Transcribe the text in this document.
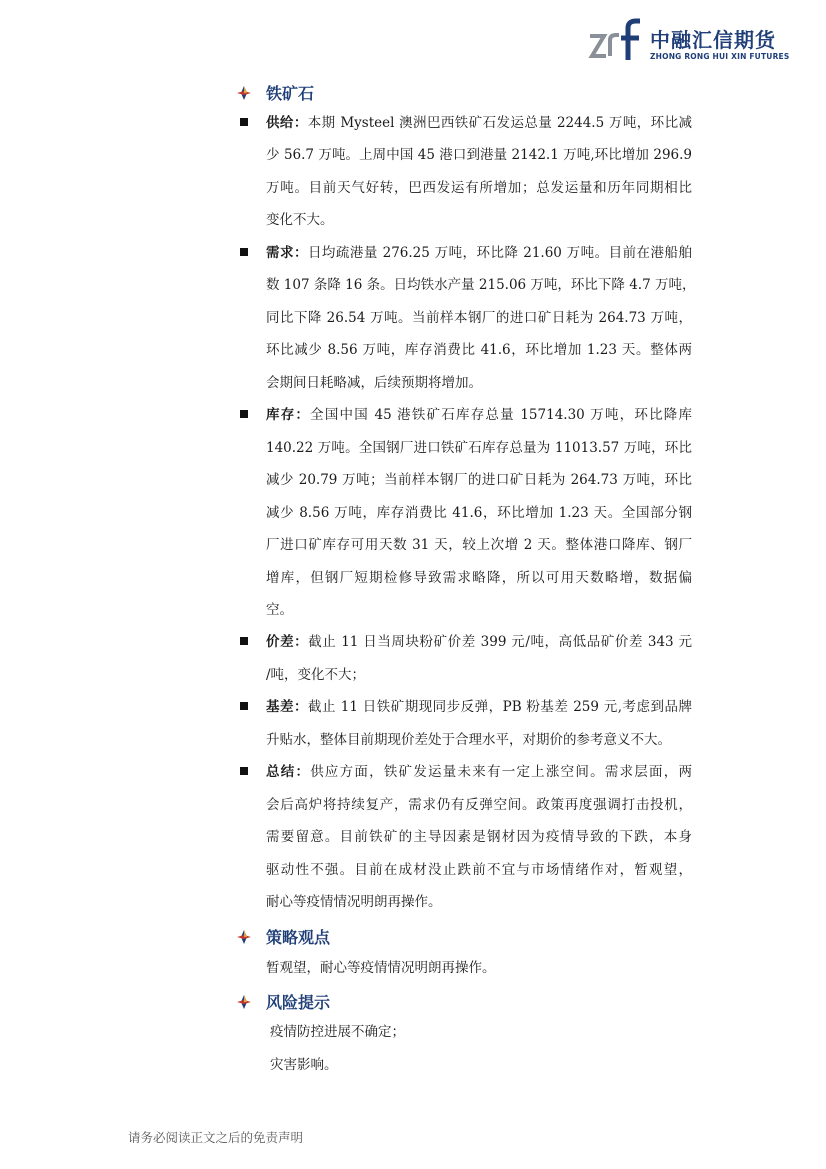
中融汇信期货
ZHONG RONG HUI XIN FUTURES
铁矿石
供给：本期 Mysteel 澳洲巴西铁矿石发运总量 2244.5 万吨，环比减
少 56.7 万吨。上周中国 45 港口到港量 2142.1 万吨,环比增加 296.9
万吨。目前天气好转，巴西发运有所增加；总发运量和历年同期相比
变化不大。
需求：日均疏港量 276.25 万吨，环比降 21.60 万吨。目前在港船舶
数 107 条降 16 条。日均铁水产量 215.06 万吨，环比下降 4.7 万吨，
同比下降 26.54 万吨。当前样本钢厂的进口矿日耗为 264.73 万吨，
环比减少 8.56 万吨，库存消费比 41.6，环比增加 1.23 天。整体两
会期间日耗略减，后续预期将增加。
库存：全国中国 45 港铁矿石库存总量 15714.30 万吨，环比降库
140.22 万吨。全国钢厂进口铁矿石库存总量为 11013.57 万吨，环比
减少 20.79 万吨；当前样本钢厂的进口矿日耗为 264.73 万吨，环比
减少 8.56 万吨，库存消费比 41.6，环比增加 1.23 天。全国部分钢
厂进口矿库存可用天数 31 天，较上次增 2 天。整体港口降库、钢厂
增库，但钢厂短期检修导致需求略降，所以可用天数略增，数据偏
空。
价差：截止 11 日当周块粉矿价差 399 元/吨，高低品矿价差 343 元
/吨，变化不大；
基差：截止 11 日铁矿期现同步反弹，PB 粉基差 259 元,考虑到品牌
升贴水，整体目前期现价差处于合理水平，对期价的参考意义不大。
总结：供应方面，铁矿发运量未来有一定上涨空间。需求层面，两
会后高炉将持续复产，需求仍有反弹空间。政策再度强调打击投机，
需要留意。目前铁矿的主导因素是钢材因为疫情导致的下跌，本身
驱动性不强。目前在成材没止跌前不宜与市场情绪作对，暂观望，
耐心等疫情情况明朗再操作。
策略观点
暂观望，耐心等疫情情况明朗再操作。
风险提示
疫情防控进展不确定；
灾害影响。
请务必阅读正文之后的免责声明
